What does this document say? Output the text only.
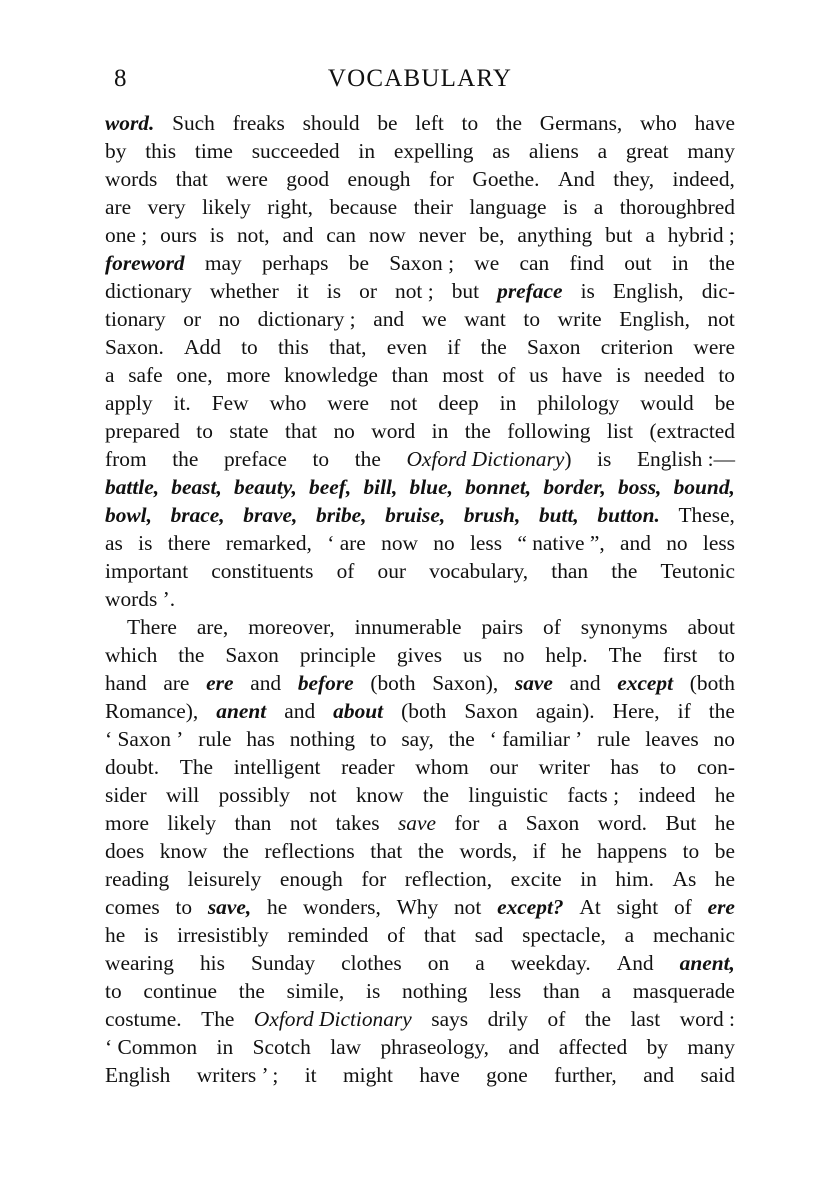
8	VOCABULARY
word. Such freaks should be left to the Germans, who have
by this time succeeded in expelling as aliens a great many
words that were good enough for Goethe. And they, indeed,
are very likely right, because their language is a thoroughbred
one ; ours is not, and can now never be, anything but a hybrid ;
foreword may perhaps be Saxon ; we can find out in the
dictionary whether it is or not ; but preface is English, dic-
tionary or no dictionary ; and we want to write English, not
Saxon. Add to this that, even if the Saxon criterion were
a safe one, more knowledge than most of us have is needed to
apply it. Few who were not deep in philology would be
prepared to state that no word in the following list (extracted
from the preface to the Oxford Dictionary) is English :—
battle, beast, beauty, beef, bill, blue, bonnet, border, boss, bound,
bowl, brace, brave, bribe, bruise, brush, butt, button. These,
as is there remarked, ‘ are now no less “ native ”, and no less
important constituents of our vocabulary, than the Teutonic
words ’.
There are, moreover, innumerable pairs of synonyms about
which the Saxon principle gives us no help. The first to
hand are ere and before (both Saxon), save and except (both
Romance), anent and about (both Saxon again). Here, if the
‘ Saxon ’ rule has nothing to say, the ‘ familiar ’ rule leaves no
doubt. The intelligent reader whom our writer has to con-
sider will possibly not know the linguistic facts ; indeed he
more likely than not takes save for a Saxon word. But he
does know the reflections that the words, if he happens to be
reading leisurely enough for reflection, excite in him. As he
comes to save, he wonders, Why not except? At sight of ere
he is irresistibly reminded of that sad spectacle, a mechanic
wearing his Sunday clothes on a weekday. And anent,
to continue the simile, is nothing less than a masquerade
costume. The Oxford Dictionary says drily of the last word :
‘ Common in Scotch law phraseology, and affected by many
English writers ’ ; it might have gone further, and said
